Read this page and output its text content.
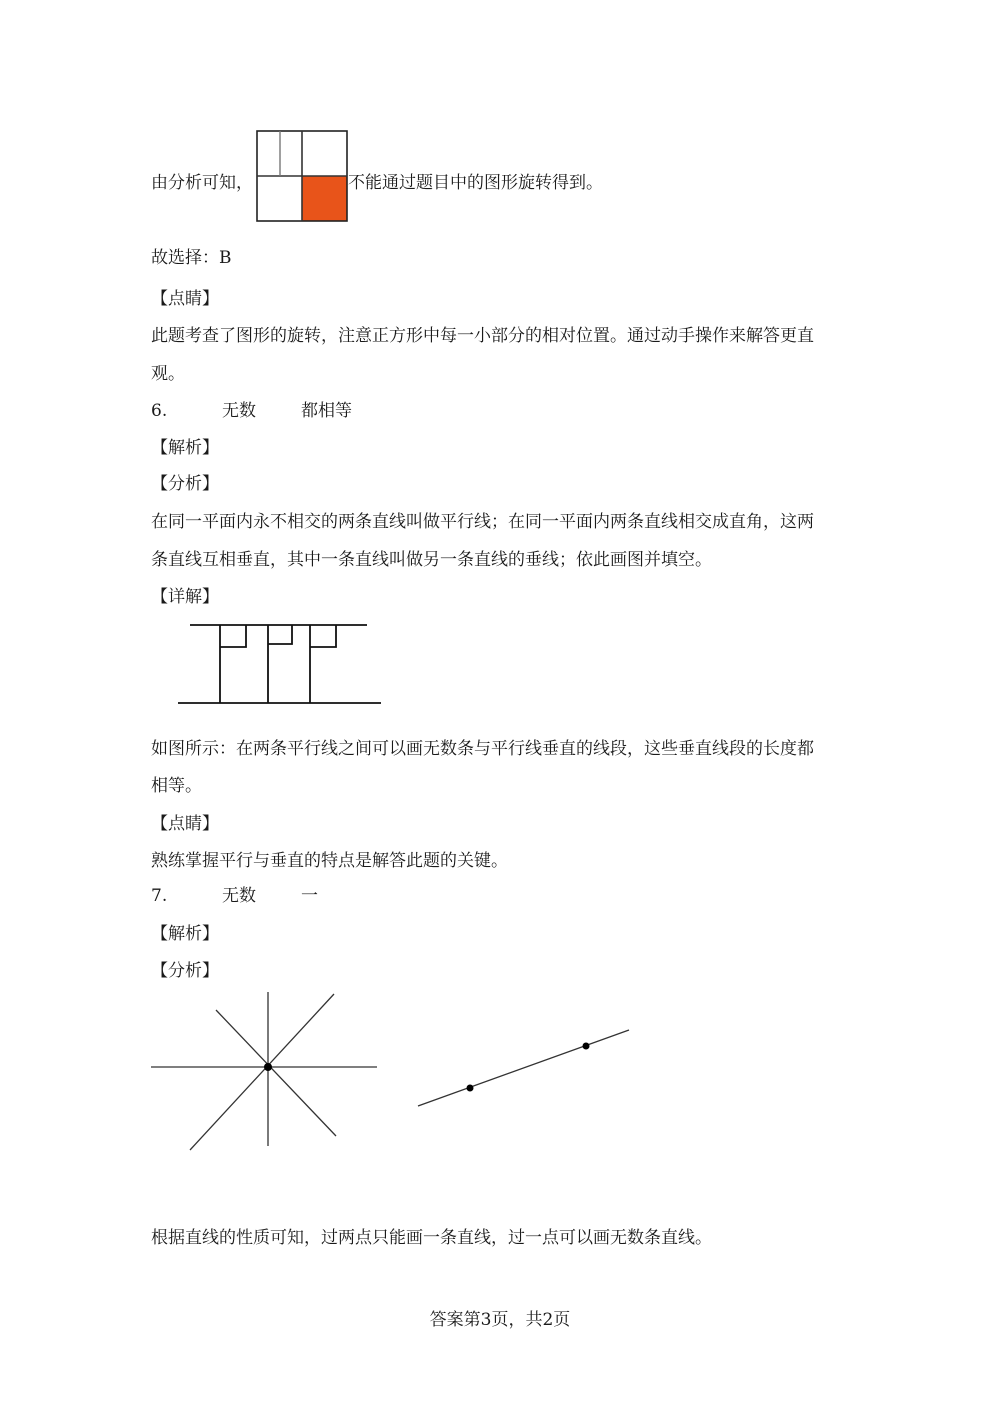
由分析可知，	不能通过题目中的图形旋转得到。
故选择：B
【点睛】
此题考查了图形的旋转，注意正方形中每一小部分的相对位置。通过动手操作来解答更直
观。
6.	无数	都相等
【解析】
【分析】
在同一平面内永不相交的两条直线叫做平行线；在同一平面内两条直线相交成直角，这两
条直线互相垂直，其中一条直线叫做另一条直线的垂线；依此画图并填空。
【详解】
如图所示：在两条平行线之间可以画无数条与平行线垂直的线段，这些垂直线段的长度都
相等。
【点睛】
熟练掌握平行与垂直的特点是解答此题的关键。
7.	无数	一
【解析】
【分析】
根据直线的性质可知，过两点只能画一条直线，过一点可以画无数条直线。
答案第3页，共2页
